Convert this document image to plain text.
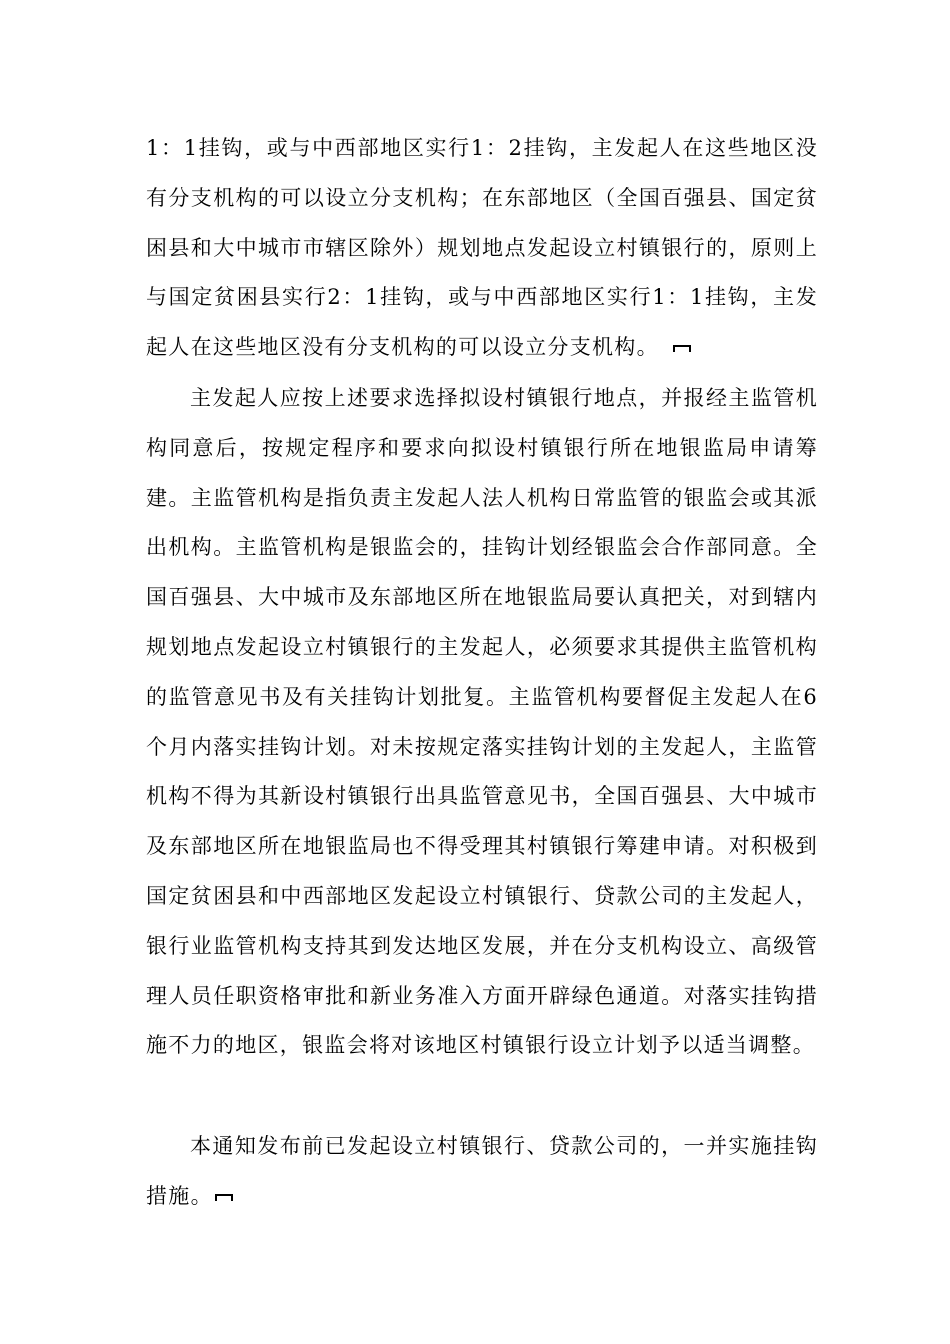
1：1挂钩，或与中西部地区实行1：2挂钩，主发起人在这些地区没有分支机构的可以设立分支机构；在东部地区（全国百强县、国定贫困县和大中城市市辖区除外）规划地点发起设立村镇银行的，原则上与国定贫困县实行2：1挂钩，或与中西部地区实行1：1挂钩，主发起人在这些地区没有分支机构的可以设立分支机构。

主发起人应按上述要求选择拟设村镇银行地点，并报经主监管机构同意后，按规定程序和要求向拟设村镇银行所在地银监局申请筹建。主监管机构是指负责主发起人法人机构日常监管的银监会或其派出机构。主监管机构是银监会的，挂钩计划经银监会合作部同意。全国百强县、大中城市及东部地区所在地银监局要认真把关，对到辖内规划地点发起设立村镇银行的主发起人，必须要求其提供主监管机构的监管意见书及有关挂钩计划批复。主监管机构要督促主发起人在6个月内落实挂钩计划。对未按规定落实挂钩计划的主发起人，主监管机构不得为其新设村镇银行出具监管意见书，全国百强县、大中城市及东部地区所在地银监局也不得受理其村镇银行筹建申请。对积极到国定贫困县和中西部地区发起设立村镇银行、贷款公司的主发起人，银行业监管机构支持其到发达地区发展，并在分支机构设立、高级管理人员任职资格审批和新业务准入方面开辟绿色通道。对落实挂钩措施不力的地区，银监会将对该地区村镇银行设立计划予以适当调整。

本通知发布前已发起设立村镇银行、贷款公司的，一并实施挂钩措施。
